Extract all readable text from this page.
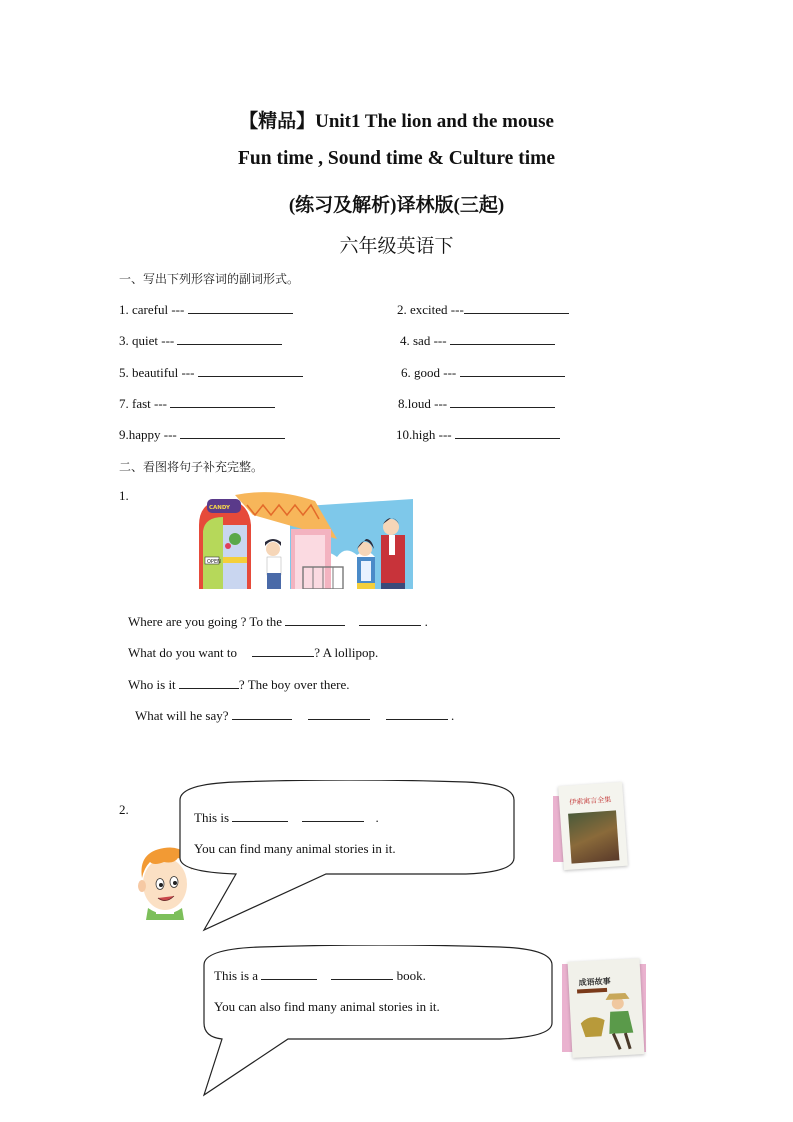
【精品】Unit1 The lion and the mouse
Fun time , Sound time & Culture time
(练习及解析)译林版(三起)
六年级英语下
一、写出下列形容词的副词形式。
1. careful ---	2. excited ---
3. quiet ---	4. sad ---
5. beautiful ---	6. good ---
7. fast ---	8.loud ---
9.happy ---	10.high ---
二、看图将句子补充完整。
1.
OPEN
CANDY
Where are you going ? To the	.
What do you want to	? A lollipop.
Who is it	? The boy over there.
What will he say?	.
2.
This is	.
You can find many animal stories in it.
伊索寓言全集
This is a	book.
You can also find many animal stories in it.
成语故事
